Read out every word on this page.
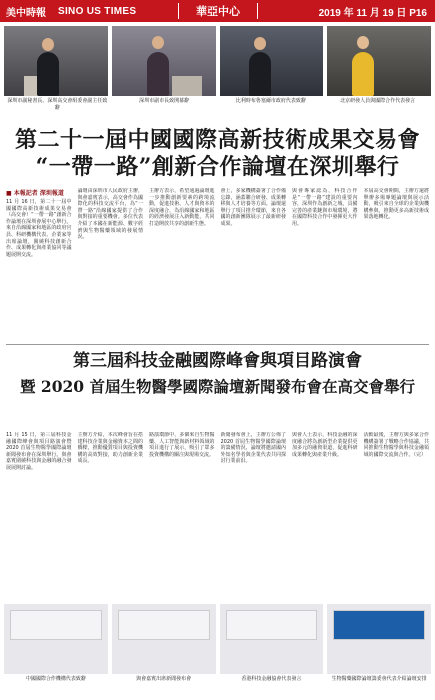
美中時報	SINO US TIMES	華亞中心	2019 年 11 月 19 日 P16
深圳市副秘書長、深圳高交會組委會副主任致辭
深圳市副市長致開幕辭	比利時布魯塞爾市政府代表致辭	北京研發人員與國際合作代表發言
第二十一屆中國國際高新技術成果交易會
“一帶一路”創新合作論壇在深圳舉行
■ 本報記者 深圳報道

11 月 16 日，第二十一屆中國國際高新技術成果交易會（高交會）“一帶一路”創新合作論壇在深圳會展中心舉行。來自沿線國家和地區的政府官員、科研機構代表、企業家等出席論壇，圍繞科技創新合作、成果轉化與產業協同等議題展開交流。

論壇由深圳市人民政府主辦，與會嘉賓表示，高交會作為國際化的科技交流平台，為“一帶一路”沿線國家提供了合作與對接的重要機會。多位代表介紹了本國在新能源、數字經濟與生物醫藥領域的發展情況。

主辦方表示，希望通過論壇進一步推動創新要素的跨境流動，促進技術、人才與資本的深度融合，為沿線國家和地區的經濟發展注入新動能，共同打造開放共享的創新生態。

會上，多家機構簽署了合作備忘錄，涵蓋聯合研發、成果轉移與人才培養等方面。論壇還舉行了項目推介環節，來自各國的創新團隊展示了最新研發成果。

與會專家認為，科技合作是“一帶一路”建設的重要內容，深圳作為創新之城，具備完善的產業鏈與市場環境，將在國際科技合作中發揮更大作用。

本屆高交會期間，主辦方還將舉辦多場專題論壇與展示活動，吸引來自全球的企業與機構參與，推動更多高新技術成果落地轉化。

第三屆科技金融國際峰會與項目路演會
暨 2020 首屆生物醫學國際論壇新聞發布會在高交會舉行

11 月 15 日，第三屆科技金融國際峰會與項目路演會暨 2020 首屆生物醫學國際論壇新聞發布會在深圳舉行。與會嘉賓圍繞科技與金融的融合發展展開討論。

主辦方介紹，本次峰會旨在搭建科技企業與金融資本之間的橋樑，推動優質項目與投資機構的高效對接，助力創新企業成長。

路演環節中，多個來自生物醫藥、人工智能與新材料領域的項目進行了展示，吸引了眾多投資機構的關注與現場交流。

新聞發布會上，主辦方公佈了 2020 首屆生物醫學國際論壇的籌備情況，論壇將邀請國內外知名學者與企業代表共同探討行業前沿。

與會人士表示，科技金融的深度融合將為創新型企業提供更加多元的融資渠道，促進科研成果轉化與產業升級。

活動最後，主辦方與多家合作機構簽署了戰略合作協議，共同推動生物醫學與科技金融領域的國際交流與合作。（完）

中國國際合作機構代表致辭	與會嘉賓出席新聞發布會	香港科技金融協會代表發言	生物醫藥國際論壇籌委會代表介紹論壇安排
